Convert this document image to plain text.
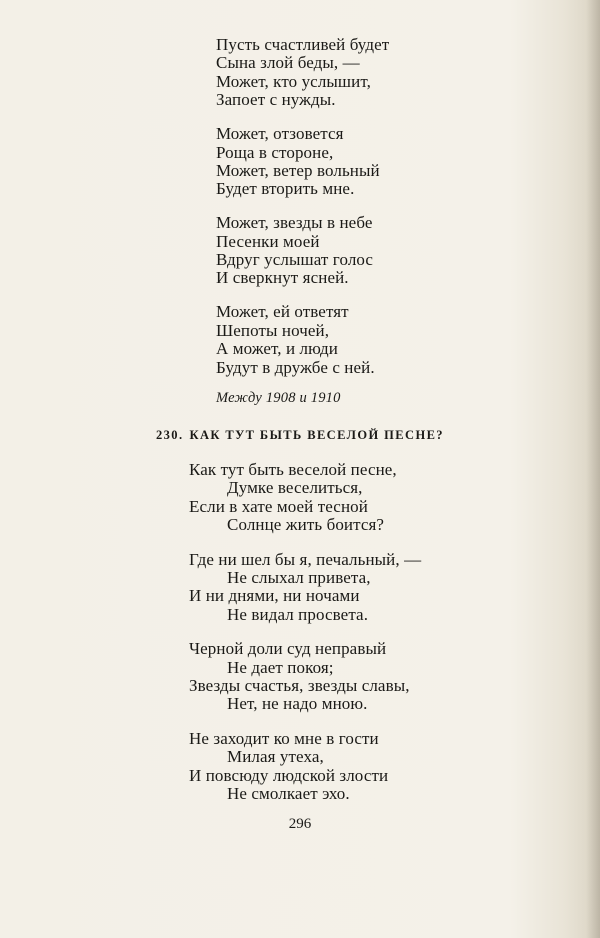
Пусть счастливей будет
Сына злой беды, —
Может, кто услышит,
Запоет с нужды.
Может, отзовется
Роща в стороне,
Может, ветер вольный
Будет вторить мне.
Может, звезды в небе
Песенки моей
Вдруг услышат голос
И сверкнут ясней.
Может, ей ответят
Шепоты ночей,
А может, и люди
Будут в дружбе с ней.
Между 1908 и 1910
230. КАК ТУТ БЫТЬ ВЕСЕЛОЙ ПЕСНЕ?
Как тут быть веселой песне,
Думке веселиться,
Если в хате моей тесной
Солнце жить боится?
Где ни шел бы я, печальный, —
Не слыхал привета,
И ни днями, ни ночами
Не видал просвета.
Черной доли суд неправый
Не дает покоя;
Звезды счастья, звезды славы,
Нет, не надо мною.
Не заходит ко мне в гости
Милая утеха,
И повсюду людской злости
Не смолкает эхо.
296
